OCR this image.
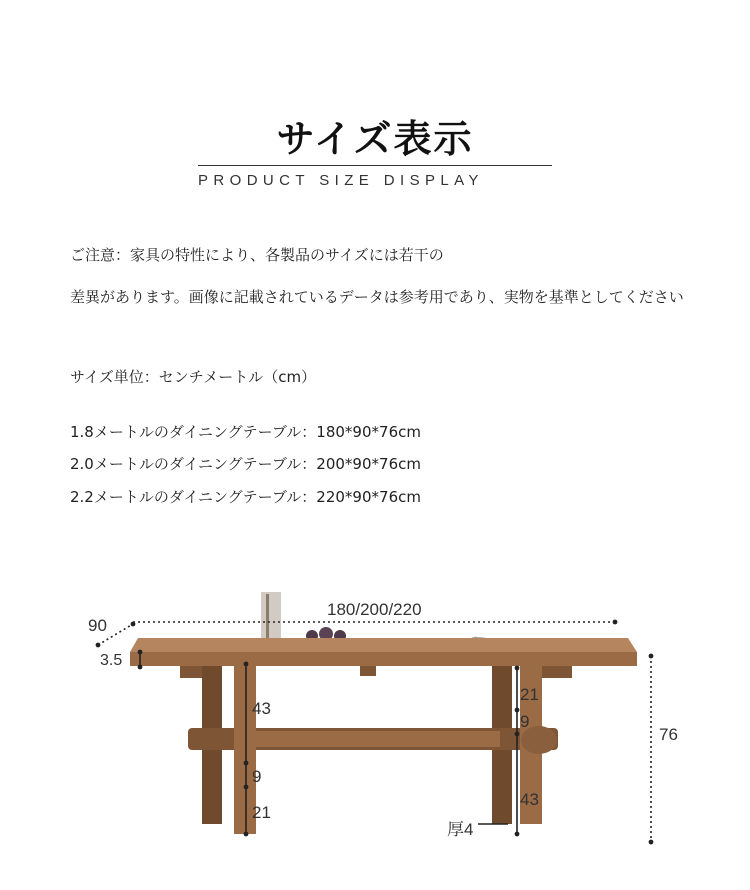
サイズ表示
PRODUCT SIZE DISPLAY
ご注意：家具の特性により、各製品のサイズには若干の
差異があります。画像に記載されているデータは参考用であり、実物を基準としてください
サイズ単位：センチメートル（cm）
1.8メートルのダイニングテーブル：180*90*76cm
2.0メートルのダイニングテーブル：200*90*76cm
2.2メートルのダイニングテーブル：220*90*76cm
90
180/200/220
3.5
76
43
9
21
21
9
43
厚4
